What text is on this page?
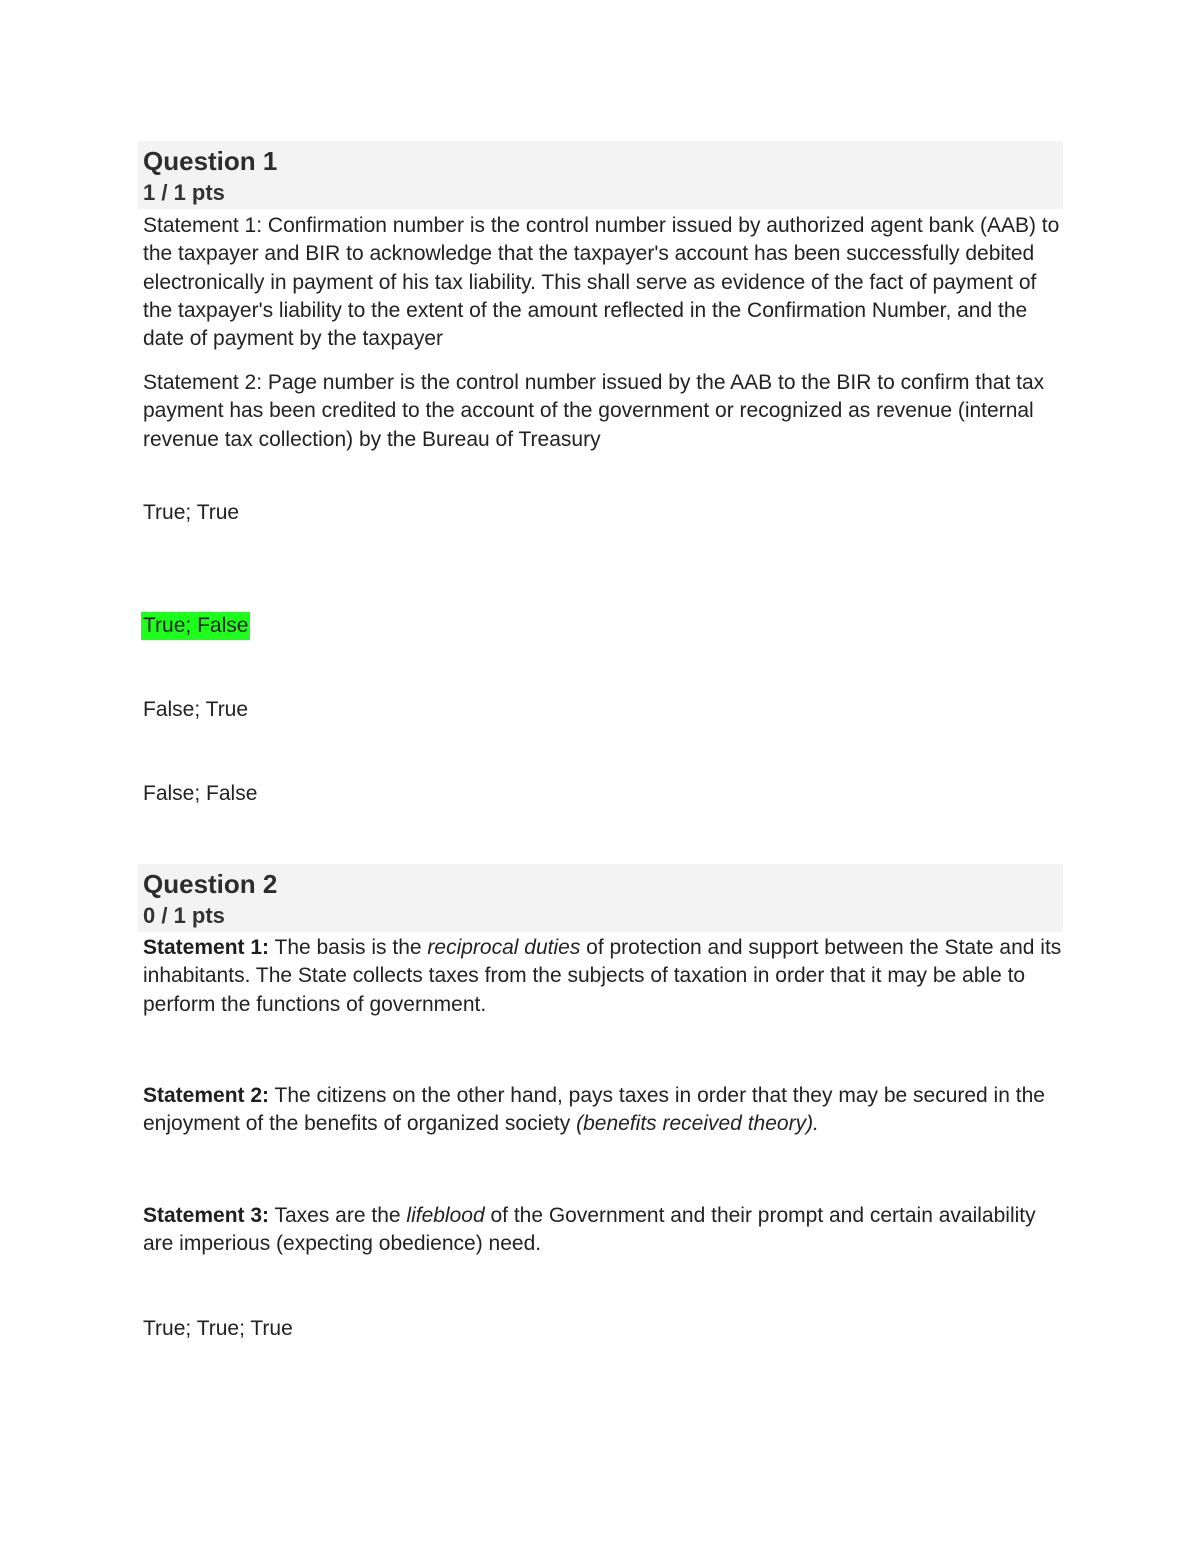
Question 1
1 / 1 pts
Statement 1: Confirmation number is the control number issued by authorized agent bank (AAB) to the taxpayer and BIR to acknowledge that the taxpayer's account has been successfully debited electronically in payment of his tax liability. This shall serve as evidence of the fact of payment of the taxpayer's liability to the extent of the amount reflected in the Confirmation Number, and the date of payment by the taxpayer
Statement 2: Page number is the control number issued by the AAB to the BIR to confirm that tax payment has been credited to the account of the government or recognized as revenue (internal revenue tax collection) by the Bureau of Treasury
True; True
True; False
False; True
False; False
Question 2
0 / 1 pts
Statement 1: The basis is the reciprocal duties of protection and support between the State and its inhabitants. The State collects taxes from the subjects of taxation in order that it may be able to perform the functions of government.
Statement 2: The citizens on the other hand, pays taxes in order that they may be secured in the enjoyment of the benefits of organized society (benefits received theory).
Statement 3: Taxes are the lifeblood of the Government and their prompt and certain availability are imperious (expecting obedience) need.
True; True; True
